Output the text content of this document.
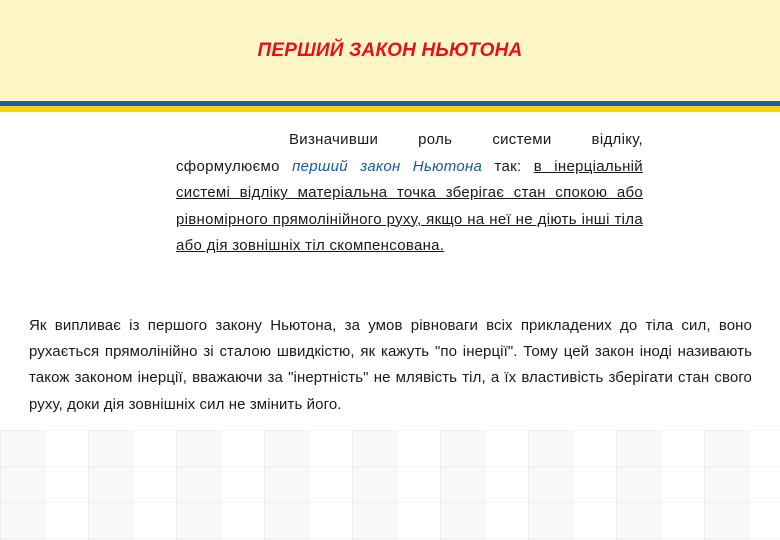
ПЕРШИЙ ЗАКОН НЬЮТОНА
Визначивши роль системи відліку, сформулюємо перший закон Ньютона так: в інерціальній системі відліку матеріальна точка зберігає стан спокою або рівномірного прямолінійного руху, якщо на неї не діють інші тіла або дія зовнішніх тіл скомпенсована.
Як випливає із першого закону Ньютона, за умов рівноваги всіх прикладених до тіла сил, воно рухається прямолінійно зі сталою швидкістю, як кажуть "по інерції". Тому цей закон іноді називають також законом інерції, вважаючи за "інертність" не млявість тіл, а їх властивість зберігати стан свого руху, доки дія зовнішніх сил не змінить його.
